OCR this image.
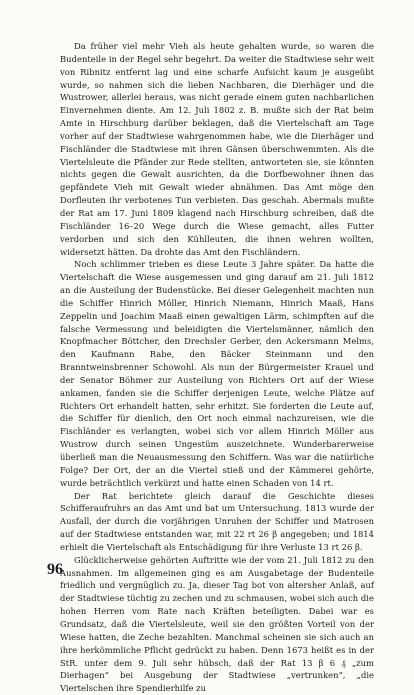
Da früher viel mehr Vieh als heute gehalten wurde, so waren die Budenteile in der Regel sehr begehrt. Da weiter die Stadtwiese sehr weit von Ribnitz entfernt lag und eine scharfe Aufsicht kaum je ausgeübt wurde, so nahmen sich die lieben Nachbaren, die Dierhäger und die Wustrower, allerlei heraus, was nicht gerade einem guten nachbarlichen Einvernehmen diente. Am 12. Juli 1802 z. B. mußte sich der Rat beim Amte in Hirschburg darüber beklagen, daß die Viertelschaft am Tage vorher auf der Stadtwiese wahrgenommen habe, wie die Dierhäger und Fischländer die Stadtwiese mit ihren Gänsen überschwemmten. Als die Viertelsleute die Pfänder zur Rede stellten, antworteten sie, sie könnten nichts gegen die Gewalt ausrichten, da die Dorfbewohner ihnen das gepfändete Vieh mit Gewalt wieder abnähmen. Das Amt möge den Dorfleuten ihr verbotenes Tun verbieten. Das geschah. Abermals mußte der Rat am 17. Juni 1809 klagend nach Hirschburg schreiben, daß die Fischländer 16–20 Wege durch die Wiese gemacht, alles Futter verdorben und sich den Kühlleuten, die ihnen wehren wollten, widersetzt hätten. Da drohte das Amt den Fischländern.

Noch schlimmer trieben es diese Leute 3 Jahre später. Da hatte die Viertelschaft die Wiese ausgemessen und ging darauf am 21. Juli 1812 an die Austeilung der Budenstücke. Bei dieser Gelegenheit machten nun die Schiffer Hinrich Möller, Hinrich Niemann, Hinrich Maaß, Hans Zeppelin und Joachim Maaß einen gewaltigen Lärm, schimpften auf die falsche Vermessung und beleidigten die Viertelsmänner, nämlich den Knopfmacher Böttcher, den Drechsler Gerber, den Ackersmann Melms, den Kaufmann Rabe, den Bäcker Steinmann und den Branntweinsbrenner Schowohl. Als nun der Bürgermeister Krauel und der Senator Böhmer zur Austeilung von Richters Ort auf der Wiese ankamen, fanden sie die Schiffer derjenigen Leute, welche Plätze auf Richters Ort erhandelt hatten, sehr erhitzt. Sie forderten die Leute auf, die Schiffer für dienlich, den Ort noch einmal nachzureisen, wie die Fischländer es verlangten, wobei sich vor allem Hinrich Möller aus Wustrow durch seinen Ungestüm auszeichnete. Wunderbarerweise überließ man die Neuausmessung den Schiffern. Was war die natürliche Folge? Der Ort, der an die Viertel stieß und der Kämmerei gehörte, wurde beträchtlich verkürzt und hatte einen Schaden von 14 rt.

Der Rat berichtete gleich darauf die Geschichte dieses Schifferaufruhrs an das Amt und bat um Untersuchung. 1813 wurde der Ausfall, der durch die vorjährigen Unruhen der Schiffer und Matrosen auf der Stadtwiese entstanden war, mit 22 rt 26 β angegeben; und 1814 erhielt die Viertelschaft als Entschädigung für ihre Verluste 13 rt 26 β.

Glücklicherweise gehörten Auftritte wie der vom 21. Juli 1812 zu den Ausnahmen. Im allgemeinen ging es am Ausgabetage der Budenteile friedlich und vergnüglich zu. Ja, dieser Tag bot von altersher Anlaß, auf der Stadtwiese tüchtig zu zechen und zu schmausen, wobei sich auch die hohen Herren vom Rate nach Kräften beteiligten. Dabei war es Grundsatz, daß die Viertelsleute, weil sie den größten Vorteil von der Wiese hatten, die Zeche bezahlten. Manchmal scheinen sie sich auch an ihre herkömmliche Pflicht gedrückt zu haben. Denn 1673 heißt es in der StR. unter dem 9. Juli sehr hübsch, daß der Rat 13 β 6 ₰ „zum Dierhagen“ bei Ausgebung der Stadtwiese „vertrunken“, „die Viertelschen ihre Spendierhilfe zu

96
